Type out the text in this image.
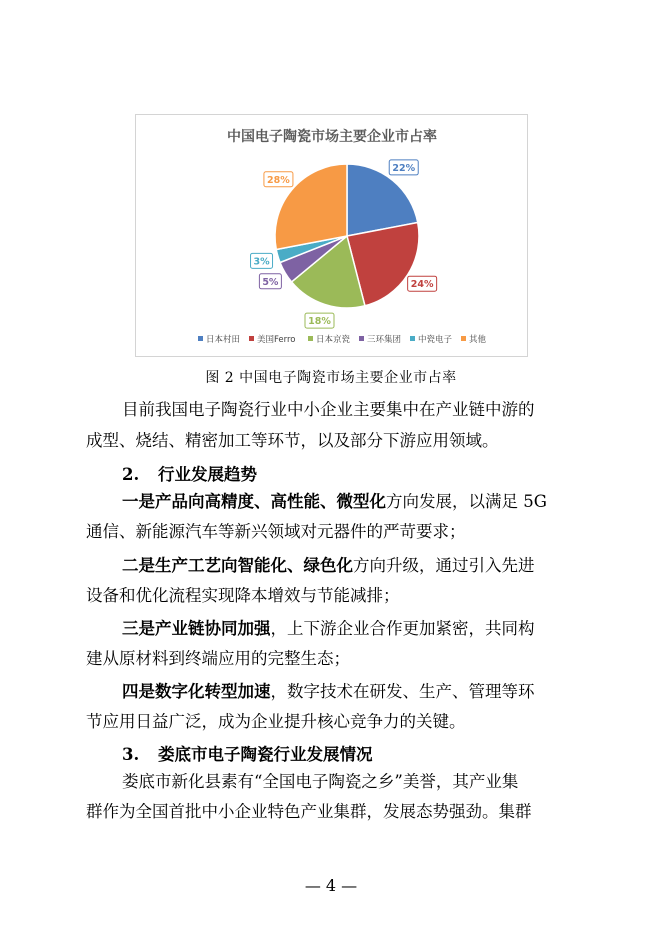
中国电子陶瓷市场主要企业市占率
22%
24%
18%
5%
3%
28%
日本村田 美国Ferro 日本京瓷 三环集团 中瓷电子 其他
图 2 中国电子陶瓷市场主要企业市占率

目前我国电子陶瓷行业中小企业主要集中在产业链中游的

成型、烧结、精密加工等环节，以及部分下游应用领域。

2. 行业发展趋势

一是产品向高精度、高性能、微型化方向发展，以满足 5G

通信、新能源汽车等新兴领域对元器件的严苛要求；

二是生产工艺向智能化、绿色化方向升级，通过引入先进

设备和优化流程实现降本增效与节能减排；

三是产业链协同加强，上下游企业合作更加紧密，共同构

建从原材料到终端应用的完整生态；

四是数字化转型加速，数字技术在研发、生产、管理等环

节应用日益广泛，成为企业提升核心竞争力的关键。

3. 娄底市电子陶瓷行业发展情况

娄底市新化县素有“全国电子陶瓷之乡”美誉，其产业集

群作为全国首批中小企业特色产业集群，发展态势强劲。集群

— 4 —
